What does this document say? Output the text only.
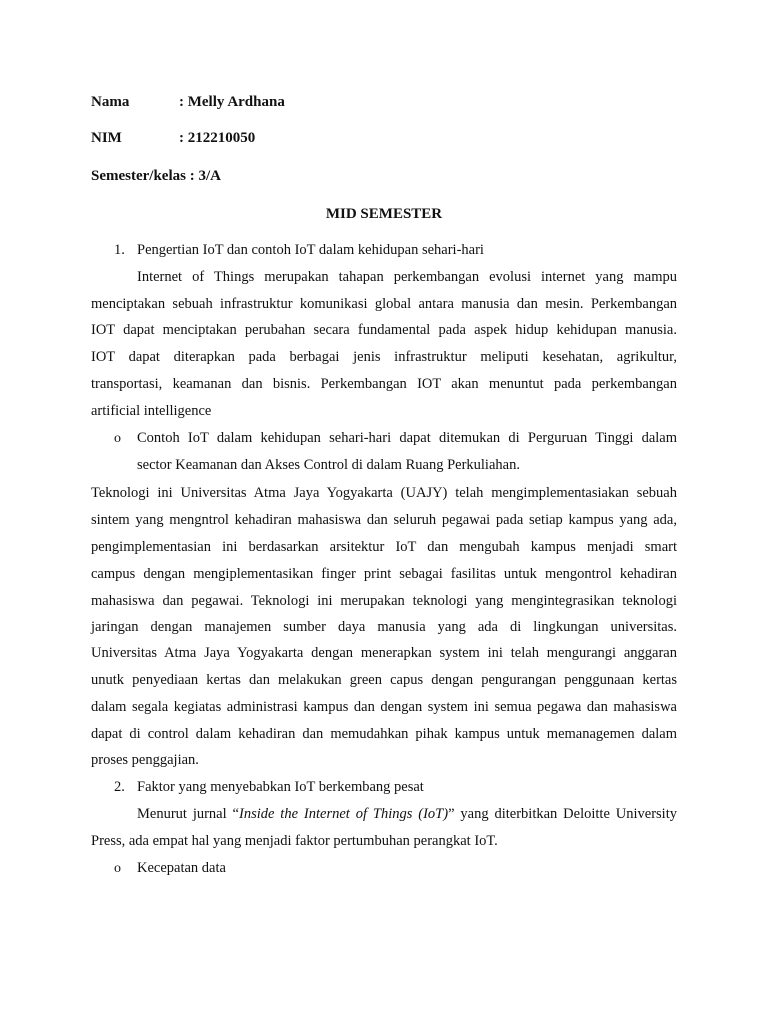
Nama	: Melly Ardhana
NIM	: 212210050
Semester/kelas : 3/A
MID SEMESTER
1. Pengertian IoT dan contoh IoT dalam kehidupan sehari-hari
Internet of Things merupakan tahapan perkembangan evolusi internet yang mampu
menciptakan sebuah infrastruktur komunikasi global antara manusia dan mesin. Perkembangan
IOT dapat menciptakan perubahan secara fundamental pada aspek hidup kehidupan manusia.
IOT dapat diterapkan pada berbagai jenis infrastruktur meliputi kesehatan, agrikultur,
transportasi, keamanan dan bisnis. Perkembangan IOT akan menuntut pada perkembangan
artificial intelligence
o Contoh IoT dalam kehidupan sehari-hari dapat ditemukan di Perguruan Tinggi dalam
sector Keamanan dan Akses Control di dalam Ruang Perkuliahan.
Teknologi ini Universitas Atma Jaya Yogyakarta (UAJY) telah mengimplementasiakan sebuah
sintem yang mengntrol kehadiran mahasiswa dan seluruh pegawai pada setiap kampus yang ada,
pengimplementasian ini berdasarkan arsitektur IoT dan mengubah kampus menjadi smart
campus dengan mengiplementasikan finger print sebagai fasilitas untuk mengontrol kehadiran
mahasiswa dan pegawai. Teknologi ini merupakan teknologi yang mengintegrasikan teknologi
jaringan dengan manajemen sumber daya manusia yang ada di lingkungan universitas.
Universitas Atma Jaya Yogyakarta dengan menerapkan system ini telah mengurangi anggaran
unutk penyediaan kertas dan melakukan green capus dengan pengurangan penggunaan kertas
dalam segala kegiatas administrasi kampus dan dengan system ini semua pegawa dan mahasiswa
dapat di control dalam kehadiran dan memudahkan pihak kampus untuk memanagemen dalam
proses penggajian.
2. Faktor yang menyebabkan IoT berkembang pesat
Menurut jurnal “Inside the Internet of Things (IoT)” yang diterbitkan Deloitte University
Press, ada empat hal yang menjadi faktor pertumbuhan perangkat IoT.
o Kecepatan data
